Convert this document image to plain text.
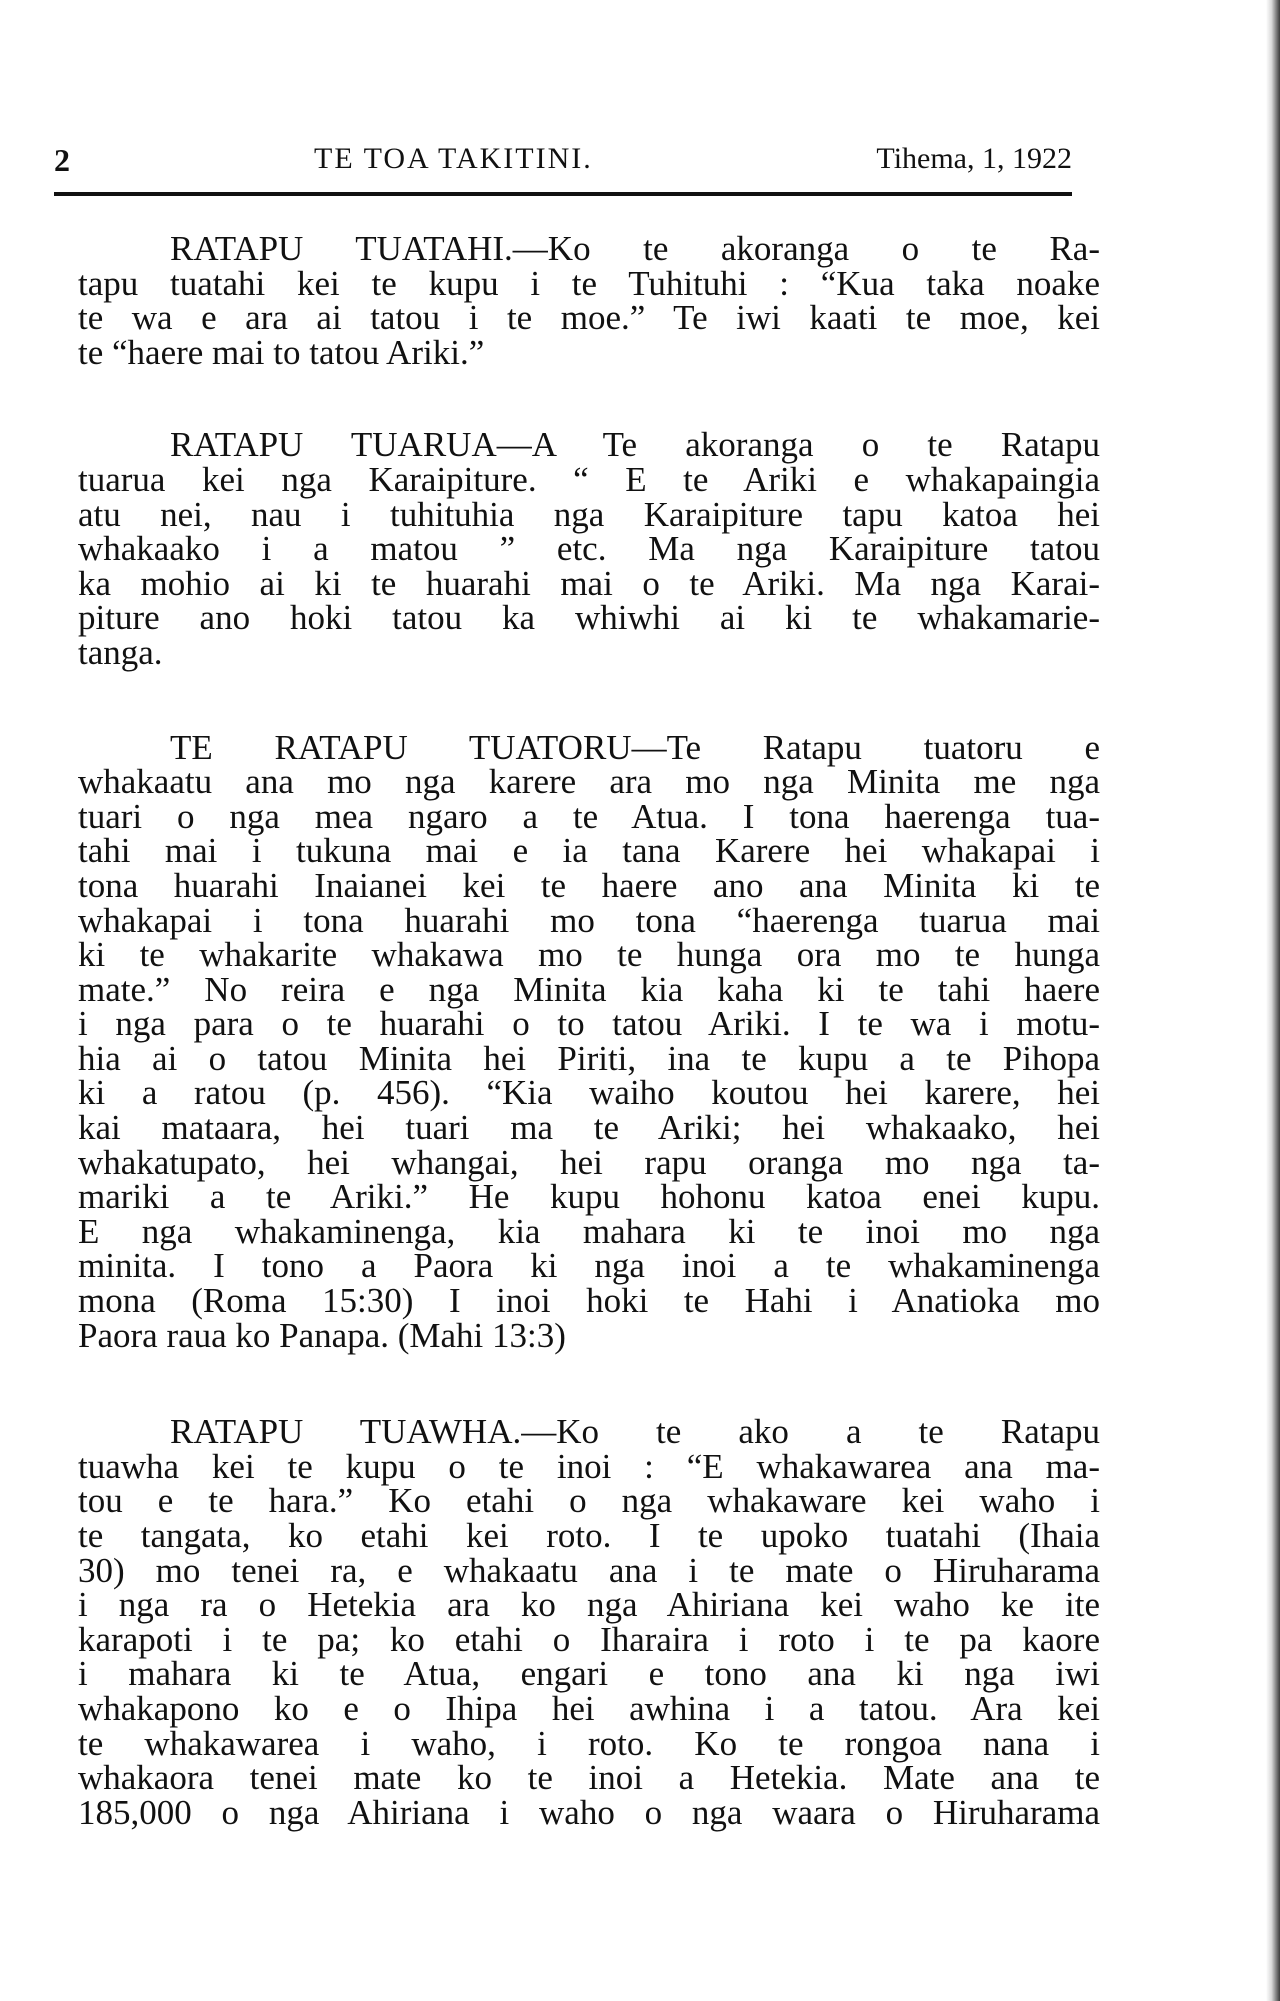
2	TE TOA TAKITINI.	Tihema, 1, 1922
RATAPU TUATAHI.—Ko te akoranga o te Ra-
tapu tuatahi kei te kupu i te Tuhituhi : “Kua taka noake
te wa e ara ai tatou i te moe.” Te iwi kaati te moe, kei
te “haere mai to tatou Ariki.”
RATAPU TUARUA—A Te akoranga o te Ratapu
tuarua kei nga Karaipiture. “ E te Ariki e whakapaingia
atu nei, nau i tuhituhia nga Karaipiture tapu katoa hei
whakaako i a matou ” etc. Ma nga Karaipiture tatou
ka mohio ai ki te huarahi mai o te Ariki. Ma nga Karai-
piture ano hoki tatou ka whiwhi ai ki te whakamarie-
tanga.
TE RATAPU TUATORU—Te Ratapu tuatoru e
whakaatu ana mo nga karere ara mo nga Minita me nga
tuari o nga mea ngaro a te Atua. I tona haerenga tua-
tahi mai i tukuna mai e ia tana Karere hei whakapai i
tona huarahi Inaianei kei te haere ano ana Minita ki te
whakapai i tona huarahi mo tona “haerenga tuarua mai
ki te whakarite whakawa mo te hunga ora mo te hunga
mate.” No reira e nga Minita kia kaha ki te tahi haere
i nga para o te huarahi o to tatou Ariki. I te wa i motu-
hia ai o tatou Minita hei Piriti, ina te kupu a te Pihopa
ki a ratou (p. 456). “Kia waiho koutou hei karere, hei
kai mataara, hei tuari ma te Ariki; hei whakaako, hei
whakatupato, hei whangai, hei rapu oranga mo nga ta-
mariki a te Ariki.” He kupu hohonu katoa enei kupu.
E nga whakaminenga, kia mahara ki te inoi mo nga
minita. I tono a Paora ki nga inoi a te whakaminenga
mona (Roma 15:30) I inoi hoki te Hahi i Anatioka mo
Paora raua ko Panapa. (Mahi 13:3)
RATAPU TUAWHA.—Ko te ako a te Ratapu
tuawha kei te kupu o te inoi : “E whakawarea ana ma-
tou e te hara.” Ko etahi o nga whakaware kei waho i
te tangata, ko etahi kei roto. I te upoko tuatahi (Ihaia
30) mo tenei ra, e whakaatu ana i te mate o Hiruharama
i nga ra o Hetekia ara ko nga Ahiriana kei waho ke ite
karapoti i te pa; ko etahi o Iharaira i roto i te pa kaore
i mahara ki te Atua, engari e tono ana ki nga iwi
whakapono ko e o Ihipa hei awhina i a tatou. Ara kei
te whakawarea i waho, i roto. Ko te rongoa nana i
whakaora tenei mate ko te inoi a Hetekia. Mate ana te
185,000 o nga Ahiriana i waho o nga waara o Hiruharama
